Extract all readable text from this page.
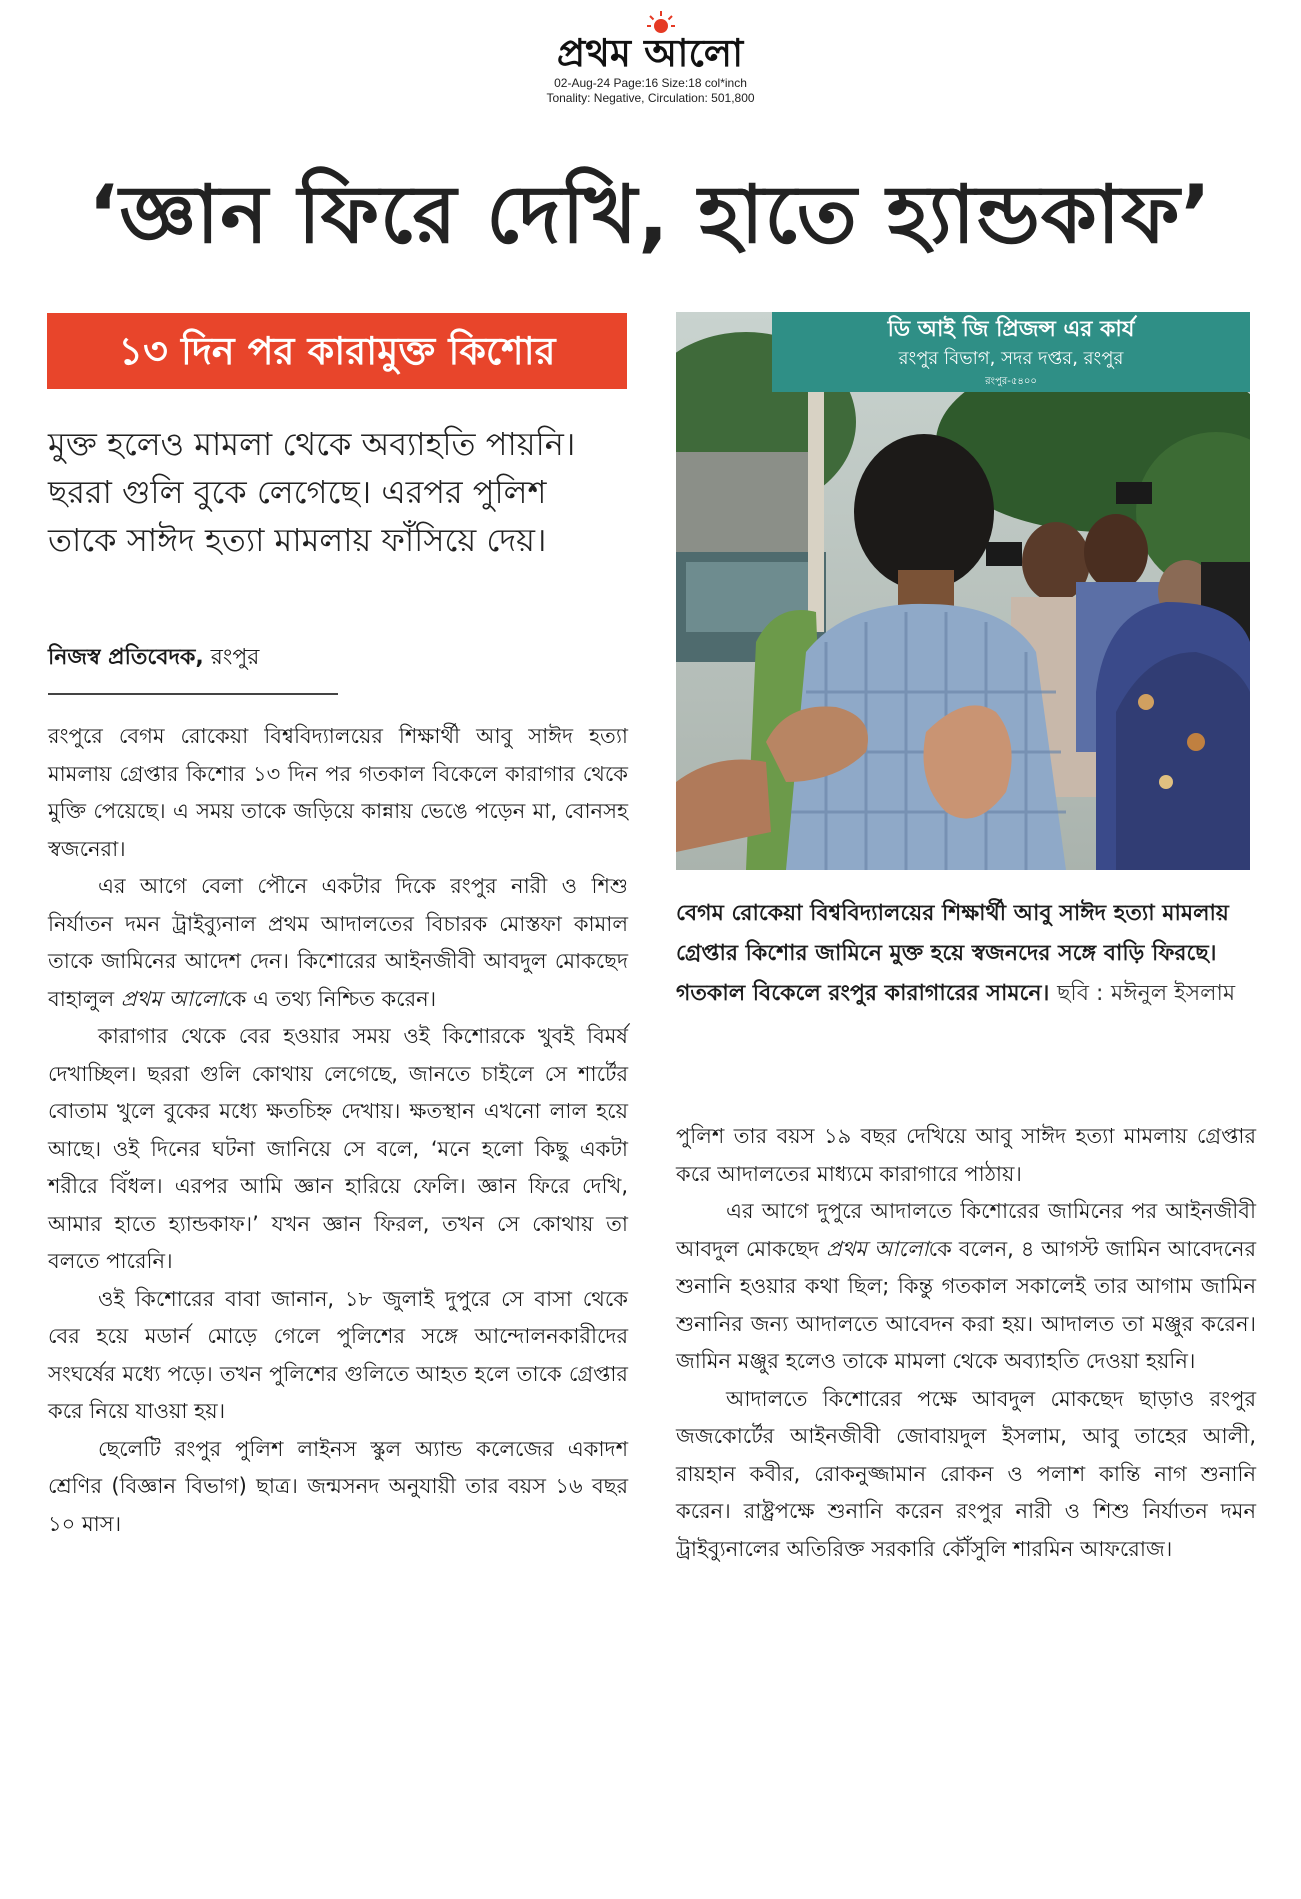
প্রথম আলো
02-Aug-24 Page:16 Size:18 col*inch
Tonality: Negative, Circulation: 501,800
‘জ্ঞান ফিরে দেখি, হাতে হ্যান্ডকাফ’
১৩ দিন পর কারামুক্ত কিশোর
মুক্ত হলেও মামলা থেকে অব্যাহতি পায়নি। ছররা গুলি বুকে লেগেছে। এরপর পুলিশ তাকে সাঈদ হত্যা মামলায় ফাঁসিয়ে দেয়।
নিজস্ব প্রতিবেদক, রংপুর

রংপুরে বেগম রোকেয়া বিশ্ববিদ্যালয়ের শিক্ষার্থী আবু সাঈদ হত্যা মামলায় গ্রেপ্তার কিশোর ১৩ দিন পর গতকাল বিকেলে কারাগার থেকে মুক্তি পেয়েছে। এ সময় তাকে জড়িয়ে কান্নায় ভেঙে পড়েন মা, বোনসহ স্বজনেরা।

এর আগে বেলা পৌনে একটার দিকে রংপুর নারী ও শিশু নির্যাতন দমন ট্রাইব্যুনাল প্রথম আদালতের বিচারক মোস্তফা কামাল তাকে জামিনের আদেশ দেন। কিশোরের আইনজীবী আবদুল মোকছেদ বাহালুল প্রথম আলোকে এ তথ্য নিশ্চিত করেন।

কারাগার থেকে বের হওয়ার সময় ওই কিশোরকে খুবই বিমর্ষ দেখাচ্ছিল। ছররা গুলি কোথায় লেগেছে, জানতে চাইলে সে শার্টের বোতাম খুলে বুকের মধ্যে ক্ষতচিহ্ন দেখায়। ক্ষতস্থান এখনো লাল হয়ে আছে। ওই দিনের ঘটনা জানিয়ে সে বলে, ‘মনে হলো কিছু একটা শরীরে বিঁধল। এরপর আমি জ্ঞান হারিয়ে ফেলি। জ্ঞান ফিরে দেখি, আমার হাতে হ্যান্ডকাফ।’ যখন জ্ঞান ফিরল, তখন সে কোথায় তা বলতে পারেনি।

ওই কিশোরের বাবা জানান, ১৮ জুলাই দুপুরে সে বাসা থেকে বের হয়ে মডার্ন মোড়ে গেলে পুলিশের সঙ্গে আন্দোলনকারীদের সংঘর্ষের মধ্যে পড়ে। তখন পুলিশের গুলিতে আহত হলে তাকে গ্রেপ্তার করে নিয়ে যাওয়া হয়।

ছেলেটি রংপুর পুলিশ লাইনস স্কুল অ্যান্ড কলেজের একাদশ শ্রেণির (বিজ্ঞান বিভাগ) ছাত্র। জন্মসনদ অনুযায়ী তার বয়স ১৬ বছর ১০ মাস।

ডি আই জি প্রিজন্স এর কার্য
রংপুর বিভাগ, সদর দপ্তর, রংপুর
রংপুর-৫৪০০
বেগম রোকেয়া বিশ্ববিদ্যালয়ের শিক্ষার্থী আবু সাঈদ হত্যা মামলায় গ্রেপ্তার কিশোর জামিনে মুক্ত হয়ে স্বজনদের সঙ্গে বাড়ি ফিরছে। গতকাল বিকেলে রংপুর কারাগারের সামনে। ছবি : মঈনুল ইসলাম

পুলিশ তার বয়স ১৯ বছর দেখিয়ে আবু সাঈদ হত্যা মামলায় গ্রেপ্তার করে আদালতের মাধ্যমে কারাগারে পাঠায়।

এর আগে দুপুরে আদালতে কিশোরের জামিনের পর আইনজীবী আবদুল মোকছেদ প্রথম আলোকে বলেন, ৪ আগস্ট জামিন আবেদনের শুনানি হওয়ার কথা ছিল; কিন্তু গতকাল সকালেই তার আগাম জামিন শুনানির জন্য আদালতে আবেদন করা হয়। আদালত তা মঞ্জুর করেন। জামিন মঞ্জুর হলেও তাকে মামলা থেকে অব্যাহতি দেওয়া হয়নি।

আদালতে কিশোরের পক্ষে আবদুল মোকছেদ ছাড়াও রংপুর জজকোর্টের আইনজীবী জোবায়দুল ইসলাম, আবু তাহের আলী, রায়হান কবীর, রোকনুজ্জামান রোকন ও পলাশ কান্তি নাগ শুনানি করেন। রাষ্ট্রপক্ষে শুনানি করেন রংপুর নারী ও শিশু নির্যাতন দমন ট্রাইব্যুনালের অতিরিক্ত সরকারি কৌঁসুলি শারমিন আফরোজ।
